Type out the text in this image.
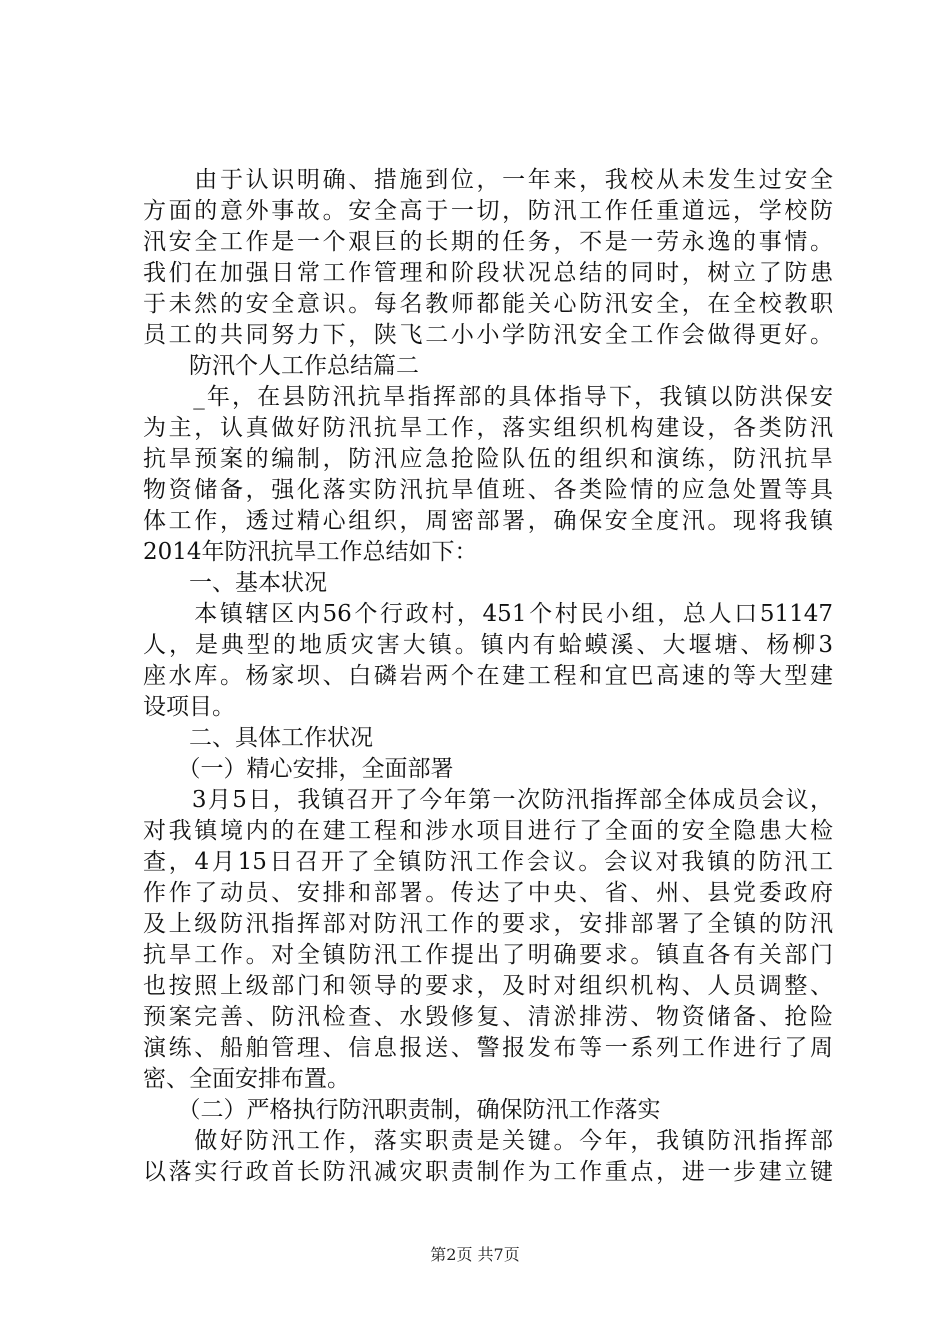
　　由于认识明确、措施到位，一年来，我校从未发生过安全
方面的意外事故。安全高于一切，防汛工作任重道远，学校防
汛安全工作是一个艰巨的长期的任务，不是一劳永逸的事情。
我们在加强日常工作管理和阶段状况总结的同时，树立了防患
于未然的安全意识。每名教师都能关心防汛安全，在全校教职
员工的共同努力下，陕飞二小小学防汛安全工作会做得更好。
　　防汛个人工作总结篇二
　　_年，在县防汛抗旱指挥部的具体指导下，我镇以防洪保安
为主，认真做好防汛抗旱工作，落实组织机构建设，各类防汛
抗旱预案的编制，防汛应急抢险队伍的组织和演练，防汛抗旱
物资储备，强化落实防汛抗旱值班、各类险情的应急处置等具
体工作，透过精心组织，周密部署，确保安全度汛。现将我镇
2014年防汛抗旱工作总结如下：
　　一、基本状况
　　本镇辖区内56个行政村，451个村民小组，总人口51147
人，是典型的地质灾害大镇。镇内有蛤蟆溪、大堰塘、杨柳3
座水库。杨家坝、白磷岩两个在建工程和宜巴高速的等大型建
设项目。
　　二、具体工作状况
　　（一）精心安排，全面部署
　　3月5日，我镇召开了今年第一次防汛指挥部全体成员会议，
对我镇境内的在建工程和涉水项目进行了全面的安全隐患大检
查，4月15日召开了全镇防汛工作会议。会议对我镇的防汛工
作作了动员、安排和部署。传达了中央、省、州、县党委政府
及上级防汛指挥部对防汛工作的要求，安排部署了全镇的防汛
抗旱工作。对全镇防汛工作提出了明确要求。镇直各有关部门
也按照上级部门和领导的要求，及时对组织机构、人员调整、
预案完善、防汛检查、水毁修复、清淤排涝、物资储备、抢险
演练、船舶管理、信息报送、警报发布等一系列工作进行了周
密、全面安排布置。
　　（二）严格执行防汛职责制，确保防汛工作落实
　　做好防汛工作，落实职责是关键。今年，我镇防汛指挥部
以落实行政首长防汛减灾职责制作为工作重点，进一步建立键
第2页 共7页
